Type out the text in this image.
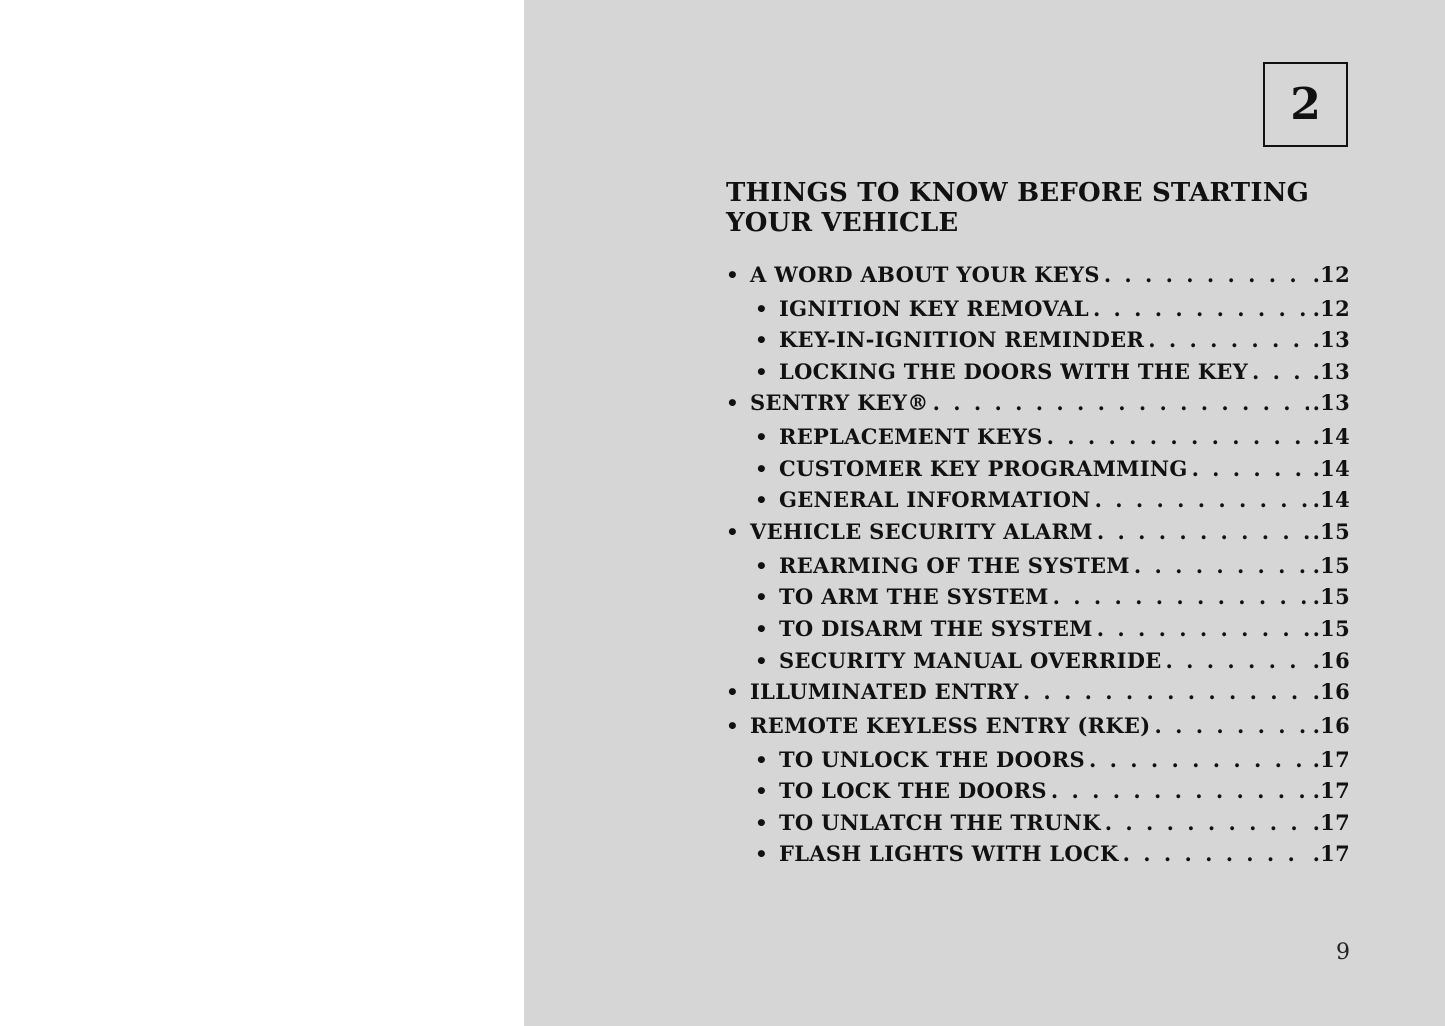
2
THINGS TO KNOW BEFORE STARTING
YOUR VEHICLE
• A WORD ABOUT YOUR KEYS . . .	.12
• IGNITION KEY REMOVAL . . .	.12
• KEY-IN-IGNITION REMINDER . . .	.13
• LOCKING THE DOORS WITH THE KEY . . .	.13
• SENTRY KEY® . . .	.13
• REPLACEMENT KEYS . . .	.14
• CUSTOMER KEY PROGRAMMING . . .	.14
• GENERAL INFORMATION . . .	.14
• VEHICLE SECURITY ALARM . . .	.15
• REARMING OF THE SYSTEM . . .	.15
• TO ARM THE SYSTEM . . .	.15
• TO DISARM THE SYSTEM . . .	.15
• SECURITY MANUAL OVERRIDE . . .	.16
• ILLUMINATED ENTRY . . .	.16
• REMOTE KEYLESS ENTRY (RKE) . . .	.16
• TO UNLOCK THE DOORS . . .	.17
• TO LOCK THE DOORS . . .	.17
• TO UNLATCH THE TRUNK . . .	.17
• FLASH LIGHTS WITH LOCK . . .	.17
9
